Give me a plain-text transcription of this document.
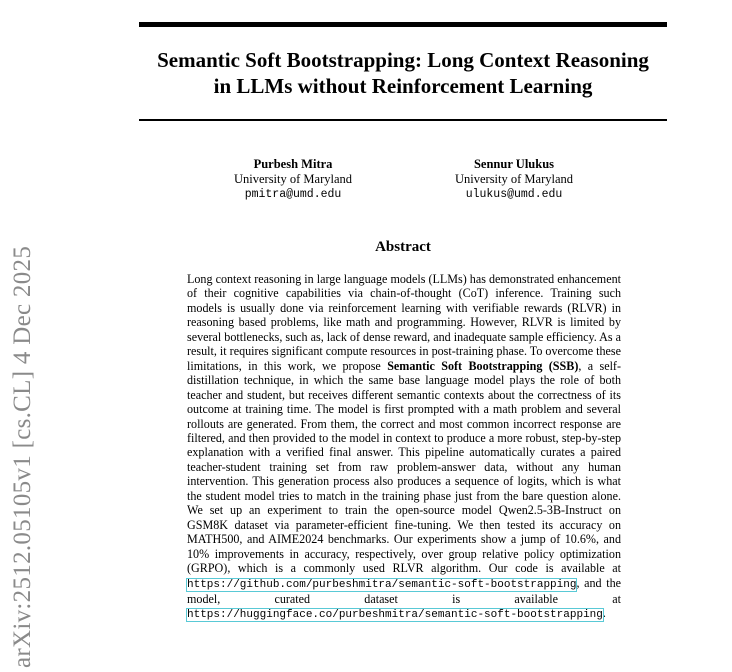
arXiv:2512.05105v1 [cs.CL] 4 Dec 2025
Semantic Soft Bootstrapping: Long Context Reasoning
in LLMs without Reinforcement Learning
Purbesh Mitra
University of Maryland
pmitra@umd.edu
Sennur Ulukus
University of Maryland
ulukus@umd.edu
Abstract
Long context reasoning in large language models (LLMs) has demonstrated enhancement of their cognitive capabilities via chain-of-thought (CoT) inference. Training such models is usually done via reinforcement learning with verifiable rewards (RLVR) in reasoning based problems, like math and programming. However, RLVR is limited by several bottlenecks, such as, lack of dense reward, and inadequate sample efficiency. As a result, it requires significant compute resources in post-training phase. To overcome these limitations, in this work, we propose Semantic Soft Bootstrapping (SSB), a self-distillation technique, in which the same base language model plays the role of both teacher and student, but receives different semantic contexts about the correctness of its outcome at training time. The model is first prompted with a math problem and several rollouts are generated. From them, the correct and most common incorrect response are filtered, and then provided to the model in context to produce a more robust, step-by-step explanation with a verified final answer. This pipeline automatically curates a paired teacher-student training set from raw problem-answer data, without any human intervention. This generation process also produces a sequence of logits, which is what the student model tries to match in the training phase just from the bare question alone. We set up an experiment to train the open-source model Qwen2.5-3B-Instruct on GSM8K dataset via parameter-efficient fine-tuning. We then tested its accuracy on MATH500, and AIME2024 benchmarks. Our experiments show a jump of 10.6%, and 10% improvements in accuracy, respectively, over group relative policy optimization (GRPO), which is a commonly used RLVR algorithm. Our code is available at https://github.com/purbeshmitra/semantic-soft-bootstrapping, and the model, curated dataset is available at https://huggingface.co/purbeshmitra/semantic-soft-bootstrapping.
